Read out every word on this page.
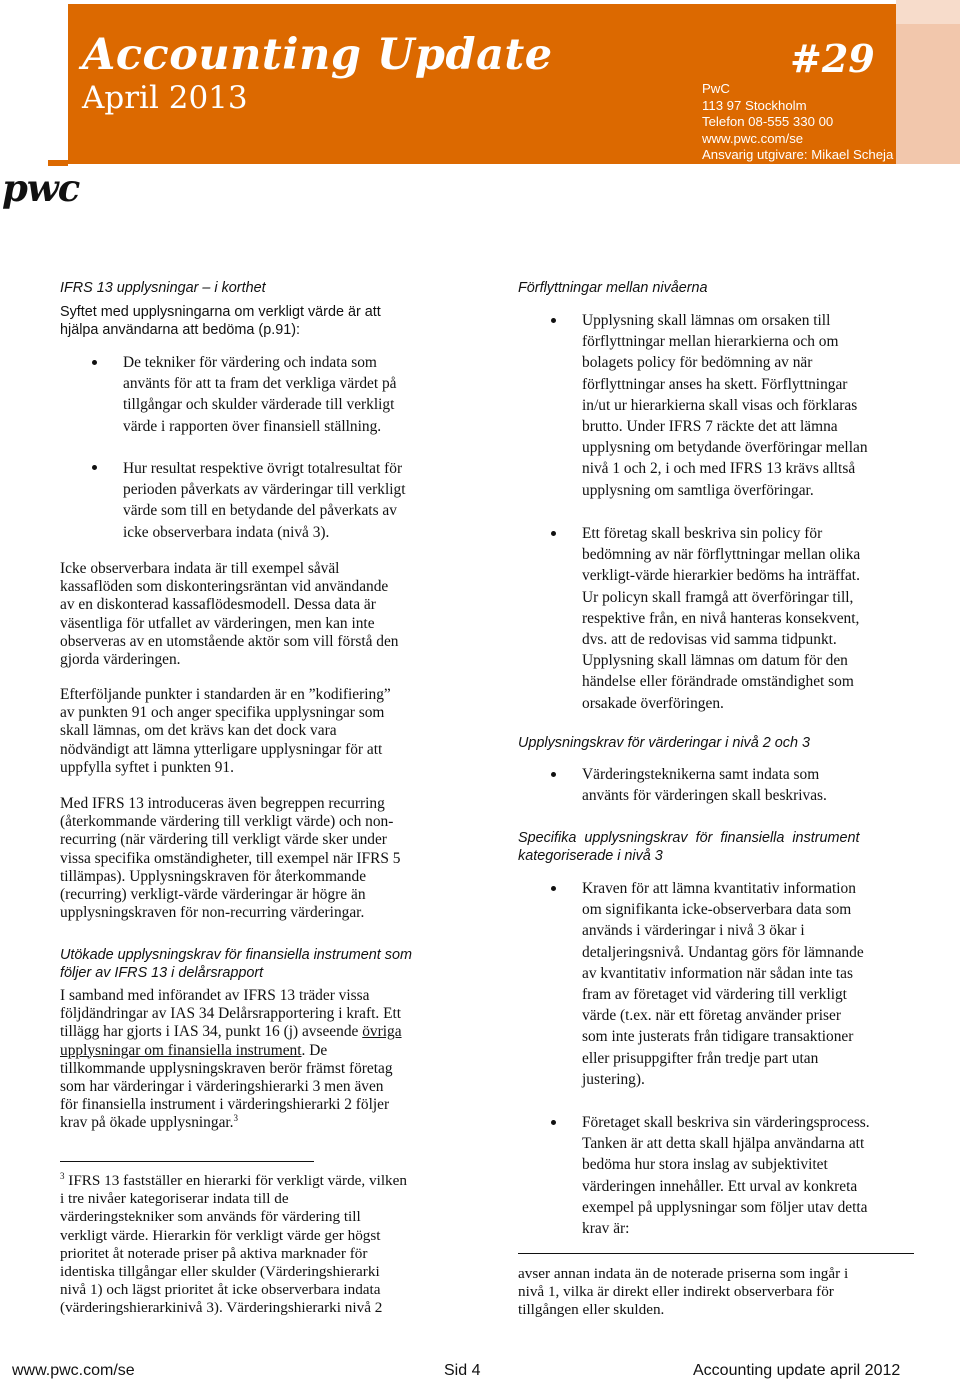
Accounting Update
April 2013
#29
PwC
113 97 Stockholm
Telefon 08-555 330 00
www.pwc.com/se
Ansvarig utgivare: Mikael Scheja
pwc
IFRS 13 upplysningar – i korthet
Syftet med upplysningarna om verkligt värde är att
hjälpa användarna att bedöma (p.91):
De tekniker för värdering och indata som
använts för att ta fram det verkliga värdet på
tillgångar och skulder värderade till verkligt
värde i rapporten över finansiell ställning.
Hur resultat respektive övrigt totalresultat för
perioden påverkats av värderingar till verkligt
värde som till en betydande del påverkats av
icke observerbara indata (nivå 3).
Icke observerbara indata är till exempel såväl
kassaflöden som diskonteringsräntan vid användande
av en diskonterad kassaflödesmodell. Dessa data är
väsentliga för utfallet av värderingen, men kan inte
observeras av en utomstående aktör som vill förstå den
gjorda värderingen.
Efterföljande punkter i standarden är en ”kodifiering”
av punkten 91 och anger specifika upplysningar som
skall lämnas, om det krävs kan det dock vara
nödvändigt att lämna ytterligare upplysningar för att
uppfylla syftet i punkten 91.
Med IFRS 13 introduceras även begreppen recurring
(återkommande värdering till verkligt värde) och non-
recurring (när värdering till verkligt värde sker under
vissa specifika omständigheter, till exempel när IFRS 5
tillämpas). Upplysningskraven för återkommande
(recurring) verkligt-värde värderingar är högre än
upplysningskraven för non-recurring värderingar.
Utökade upplysningskrav för finansiella instrument som
följer av IFRS 13 i delårsrapport
I samband med införandet av IFRS 13 träder vissa
följdändringar av IAS 34 Delårsrapportering i kraft. Ett
tillägg har gjorts i IAS 34, punkt 16 (j) avseende övriga
upplysningar om finansiella instrument. De
tillkommande upplysningskraven berör främst företag
som har värderingar i värderingshierarki 3 men även
för finansiella instrument i värderingshierarki 2 följer
krav på ökade upplysningar.$^3$
$^3$ IFRS 13 fastställer en hierarki för verkligt värde, vilken
i tre nivåer kategoriserar indata till de
värderingstekniker som används för värdering till
verkligt värde. Hierarkin för verkligt värde ger högst
prioritet åt noterade priser på aktiva marknader för
identiska tillgångar eller skulder (Värderingshierarki
nivå 1) och lägst prioritet åt icke observerbara indata
(värderingshierarkinivå 3). Värderingshierarki nivå 2
Förflyttningar mellan nivåerna
Upplysning skall lämnas om orsaken till
förflyttningar mellan hierarkierna och om
bolagets policy för bedömning av när
förflyttningar anses ha skett. Förflyttningar
in/ut ur hierarkierna skall visas och förklaras
brutto. Under IFRS 7 räckte det att lämna
upplysning om betydande överföringar mellan
nivå 1 och 2, i och med IFRS 13 krävs alltså
upplysning om samtliga överföringar.
Ett företag skall beskriva sin policy för
bedömning av när förflyttningar mellan olika
verkligt-värde hierarkier bedöms ha inträffat.
Ur policyn skall framgå att överföringar till,
respektive från, en nivå hanteras konsekvent,
dvs. att de redovisas vid samma tidpunkt.
Upplysning skall lämnas om datum för den
händelse eller förändrade omständighet som
orsakade överföringen.
Upplysningskrav för värderingar i nivå 2 och 3
Värderingsteknikerna samt indata som
använts för värderingen skall beskrivas.
Specifika upplysningskrav för finansiella instrument
kategoriserade i nivå 3
Kraven för att lämna kvantitativ information
om signifikanta icke-observerbara data som
används i värderingar i nivå 3 ökar i
detaljeringsnivå. Undantag görs för lämnande
av kvantitativ information när sådan inte tas
fram av företaget vid värdering till verkligt
värde (t.ex. när ett företag använder priser
som inte justerats från tidigare transaktioner
eller prisuppgifter från tredje part utan
justering).
Företaget skall beskriva sin värderingsprocess.
Tanken är att detta skall hjälpa användarna att
bedöma hur stora inslag av subjektivitet
värderingen innehåller. Ett urval av konkreta
exempel på upplysningar som följer utav detta
krav är:
avser annan indata än de noterade priserna som ingår i
nivå 1, vilka är direkt eller indirekt observerbara för
tillgången eller skulden.
www.pwc.com/se	Sid 4	Accounting update april 2012
